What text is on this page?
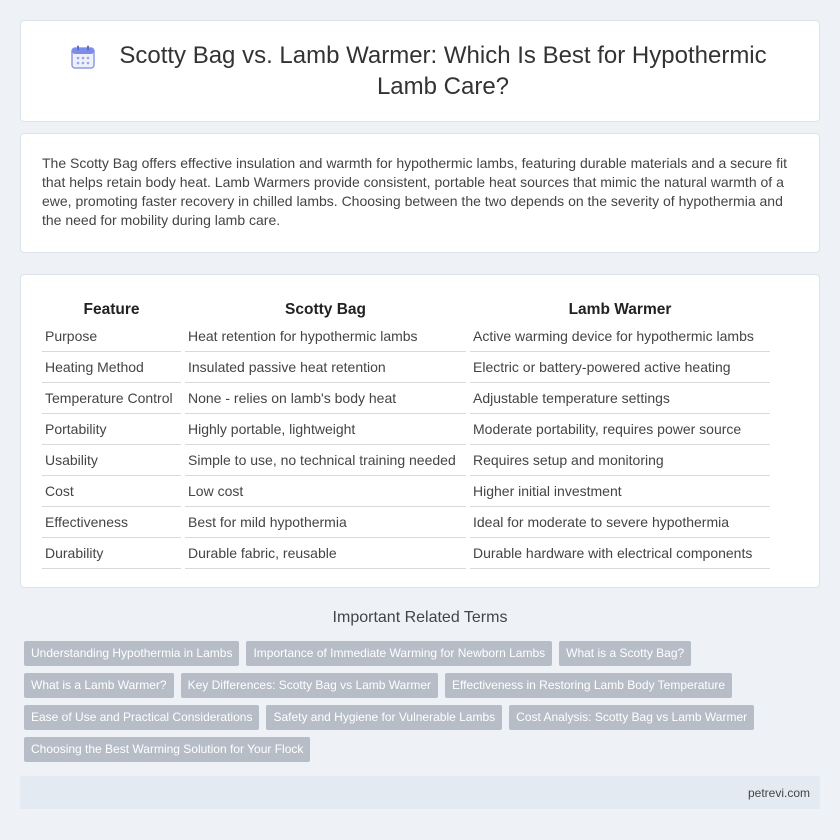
Scotty Bag vs. Lamb Warmer: Which Is Best for Hypothermic Lamb Care?

The Scotty Bag offers effective insulation and warmth for hypothermic lambs, featuring durable materials and a secure fit that helps retain body heat. Lamb Warmers provide consistent, portable heat sources that mimic the natural warmth of a ewe, promoting faster recovery in chilled lambs. Choosing between the two depends on the severity of hypothermia and the need for mobility during lamb care.

Feature	Scotty Bag	Lamb Warmer
Purpose	Heat retention for hypothermic lambs	Active warming device for hypothermic lambs
Heating Method	Insulated passive heat retention	Electric or battery-powered active heating
Temperature Control	None - relies on lamb's body heat	Adjustable temperature settings
Portability	Highly portable, lightweight	Moderate portability, requires power source
Usability	Simple to use, no technical training needed	Requires setup and monitoring
Cost	Low cost	Higher initial investment
Effectiveness	Best for mild hypothermia	Ideal for moderate to severe hypothermia
Durability	Durable fabric, reusable	Durable hardware with electrical components
Important Related Terms
Understanding Hypothermia in Lambs	Importance of Immediate Warming for Newborn Lambs	What is a Scotty Bag?
What is a Lamb Warmer?	Key Differences: Scotty Bag vs Lamb Warmer	Effectiveness in Restoring Lamb Body Temperature
Ease of Use and Practical Considerations	Safety and Hygiene for Vulnerable Lambs	Cost Analysis: Scotty Bag vs Lamb Warmer
Choosing the Best Warming Solution for Your Flock
petrevi.com
